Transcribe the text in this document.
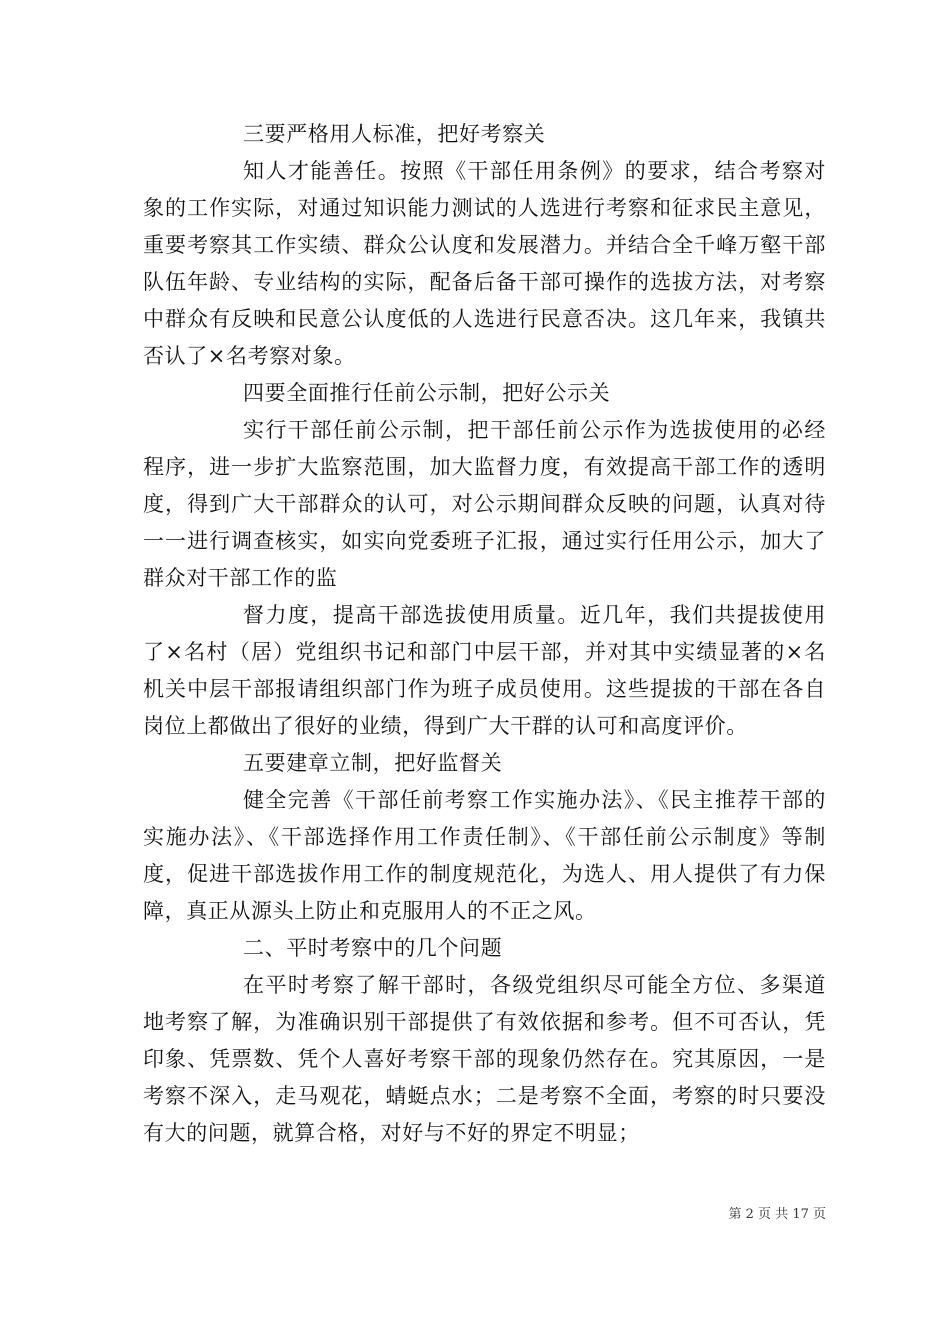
三要严格用人标准，把好考察关

知人才能善任。按照《干部任用条例》的要求，结合考察对象的工作实际，对通过知识能力测试的人选进行考察和征求民主意见，重要考察其工作实绩、群众公认度和发展潜力。并结合全千峰万壑干部队伍年龄、专业结构的实际，配备后备干部可操作的选拔方法，对考察中群众有反映和民意公认度低的人选进行民意否决。这几年来，我镇共否认了×名考察对象。

四要全面推行任前公示制，把好公示关

实行干部任前公示制，把干部任前公示作为选拔使用的必经程序，进一步扩大监察范围，加大监督力度，有效提高干部工作的透明度，得到广大干部群众的认可，对公示期间群众反映的问题，认真对待一一进行调查核实，如实向党委班子汇报，通过实行任用公示，加大了群众对干部工作的监

督力度，提高干部选拔使用质量。近几年，我们共提拔使用了×名村（居）党组织书记和部门中层干部，并对其中实绩显著的×名机关中层干部报请组织部门作为班子成员使用。这些提拔的干部在各自岗位上都做出了很好的业绩，得到广大干群的认可和高度评价。

五要建章立制，把好监督关

健全完善《干部任前考察工作实施办法》、《民主推荐干部的实施办法》、《干部选择作用工作责任制》、《干部任前公示制度》等制度，促进干部选拔作用工作的制度规范化，为选人、用人提供了有力保障，真正从源头上防止和克服用人的不正之风。

二、平时考察中的几个问题

在平时考察了解干部时，各级党组织尽可能全方位、多渠道地考察了解，为准确识别干部提供了有效依据和参考。但不可否认，凭印象、凭票数、凭个人喜好考察干部的现象仍然存在。究其原因，一是考察不深入，走马观花，蜻蜓点水；二是考察不全面，考察的时只要没有大的问题，就算合格，对好与不好的界定不明显；

第 2 页 共 17 页
